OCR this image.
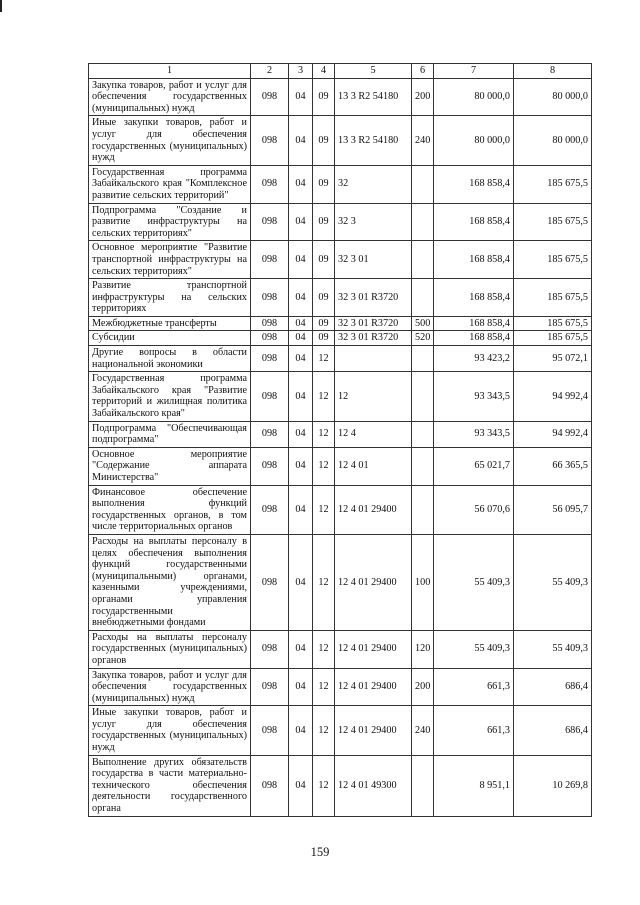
1	2	3	4	5	6	7	8
Закупка товаров, работ и услуг для обеспечения государственных (муниципальных) нужд	098	04	09	13 3 R2 54180	200	80 000,0	80 000,0
Иные закупки товаров, работ и услуг для обеспечения государственных (муниципальных) нужд	098	04	09	13 3 R2 54180	240	80 000,0	80 000,0
Государственная программа Забайкальского края "Комплексное развитие сельских территорий"	098	04	09	32		168 858,4	185 675,5
Подпрограмма "Создание и развитие инфраструктуры на сельских территориях"	098	04	09	32 3		168 858,4	185 675,5
Основное мероприятие "Развитие транспортной инфраструктуры на сельских территориях"	098	04	09	32 3 01		168 858,4	185 675,5
Развитие транспортной инфраструктуры на сельских территориях	098	04	09	32 3 01 R3720		168 858,4	185 675,5
Межбюджетные трансферты	098	04	09	32 3 01 R3720	500	168 858,4	185 675,5
Субсидии	098	04	09	32 3 01 R3720	520	168 858,4	185 675,5
Другие вопросы в области национальной экономики	098	04	12			93 423,2	95 072,1
Государственная программа Забайкальского края "Развитие территорий и жилищная политика Забайкальского края"	098	04	12	12		93 343,5	94 992,4
Подпрограмма "Обеспечивающая подпрограмма"	098	04	12	12 4		93 343,5	94 992,4
Основное мероприятие "Содержание аппарата Министерства"	098	04	12	12 4 01		65 021,7	66 365,5
Финансовое обеспечение выполнения функций государственных органов, в том числе территориальных органов	098	04	12	12 4 01 29400		56 070,6	56 095,7
Расходы на выплаты персоналу в целях обеспечения выполнения функций государственными (муниципальными) органами, казенными учреждениями, органами управления государственными внебюджетными фондами	098	04	12	12 4 01 29400	100	55 409,3	55 409,3
Расходы на выплаты персоналу государственных (муниципальных) органов	098	04	12	12 4 01 29400	120	55 409,3	55 409,3
Закупка товаров, работ и услуг для обеспечения государственных (муниципальных) нужд	098	04	12	12 4 01 29400	200	661,3	686,4
Иные закупки товаров, работ и услуг для обеспечения государственных (муниципальных) нужд	098	04	12	12 4 01 29400	240	661,3	686,4
Выполнение других обязательств государства в части материально-технического обеспечения деятельности государственного органа	098	04	12	12 4 01 49300		8 951,1	10 269,8
159
